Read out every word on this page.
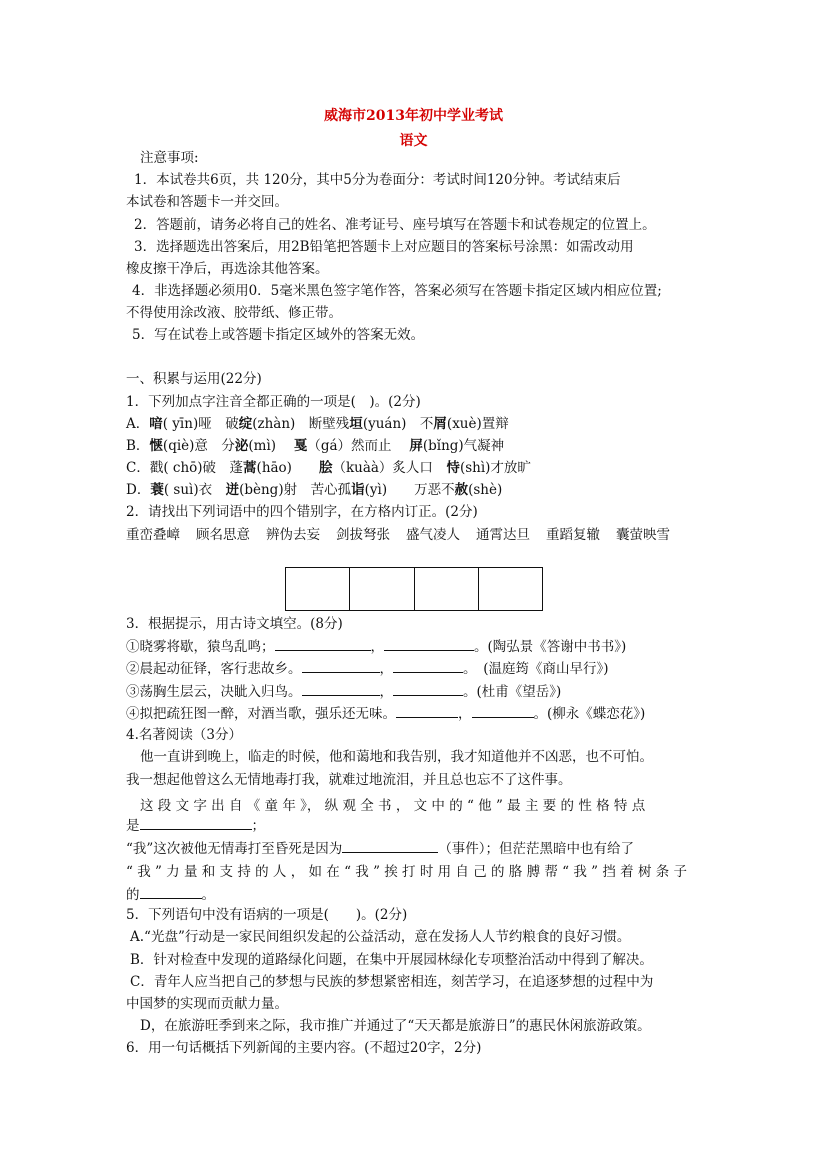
威海市2013年初中学业考试
语文
注意事项:
1．本试卷共6页，共 120分，其中5分为卷面分：考试时间120分钟。考试结束后
本试卷和答题卡一并交回。
2．答题前，请务必将自己的姓名、准考证号、座号填写在答题卡和试卷规定的位置上。
3．选择题选出答案后，用2B铅笔把答题卡上对应题目的答案标号涂黑：如需改动用
橡皮擦干净后，再选涂其他答案。
4．非选择题必须用0．5毫米黑色签字笔作答，答案必须写在答题卡指定区域内相应位置;
不得使用涂改液、胶带纸、修正带。
5．写在试卷上或答题卡指定区域外的答案无效。
一、积累与运用(22分)
1．下列加点字注音全都正确的一项是(　)。(2分)
A．喑( yīn)哑　破绽(zhàn)　断壁残垣(yuán)　不屑(xuè)置辩
B．惬(qiè)意　分泌(mì)　 戛（gá）然而止　 屏(bǐng)气凝神
C．戳( chō)破　蓬蒿(hāo)　　脍（kuàà）炙人口　恃(shì)才放旷
D．蓑( suì)衣　迸(bèng)射　苦心孤诣(yì)　　万恶不赦(shè)
2．请找出下列词语中的四个错别字，在方格内订正。(2分)
重峦叠嶂 顾名思意 辨伪去妄 剑拔弩张 盛气凌人 通霄达旦 重蹈复辙 囊萤映雪
3．根据提示，用古诗文填空。(8分)
①晓雾将歇，猿鸟乱鸣；	，	。(陶弘景《答谢中书书》)
②晨起动征铎，客行悲故乡。	，	。　(温庭筠《商山早行》)
③荡胸生层云，决眦入归鸟。	，	。(杜甫《望岳》)
④拟把疏狂图一醉，对酒当歌，强乐还无味。	，	。(柳永《蝶恋花》)
4.名著阅读（3分）
他一直讲到晚上，临走的时候，他和蔼地和我告别，我才知道他并不凶恶，也不可怕。
我一想起他曾这么无情地毒打我，就难过地流泪，并且总也忘不了这件事。
这 段 文 字 出 自 《 童 年 》， 纵 观 全 书 ， 文 中 的 “ 他 ” 最 主 要 的 性 格 特 点
是	；
“我”这次被他无情毒打至昏死是因为	（事件）；但茫茫黑暗中也有给了
“ 我 ” 力 量 和 支 持 的 人 ， 如 在 “ 我 ” 挨 打 时 用 自 己 的 胳 膊 帮 “ 我 ” 挡 着 树 条 子
的	。
5．下列语句中没有语病的一项是(　　)。(2分)
A.“光盘”行动是一家民间组织发起的公益活动，意在发扬人人节约粮食的良好习惯。
B．针对检查中发现的道路绿化问题，在集中开展园林绿化专项整治活动中得到了解决。
C．青年人应当把自己的梦想与民族的梦想紧密相连，刻苦学习，在追逐梦想的过程中为
中国梦的实现而贡献力量。
D，在旅游旺季到来之际，我市推广并通过了“天天都是旅游日”的惠民休闲旅游政策。
6．用一句话概括下列新闻的主要内容。(不超过20字，2分)
